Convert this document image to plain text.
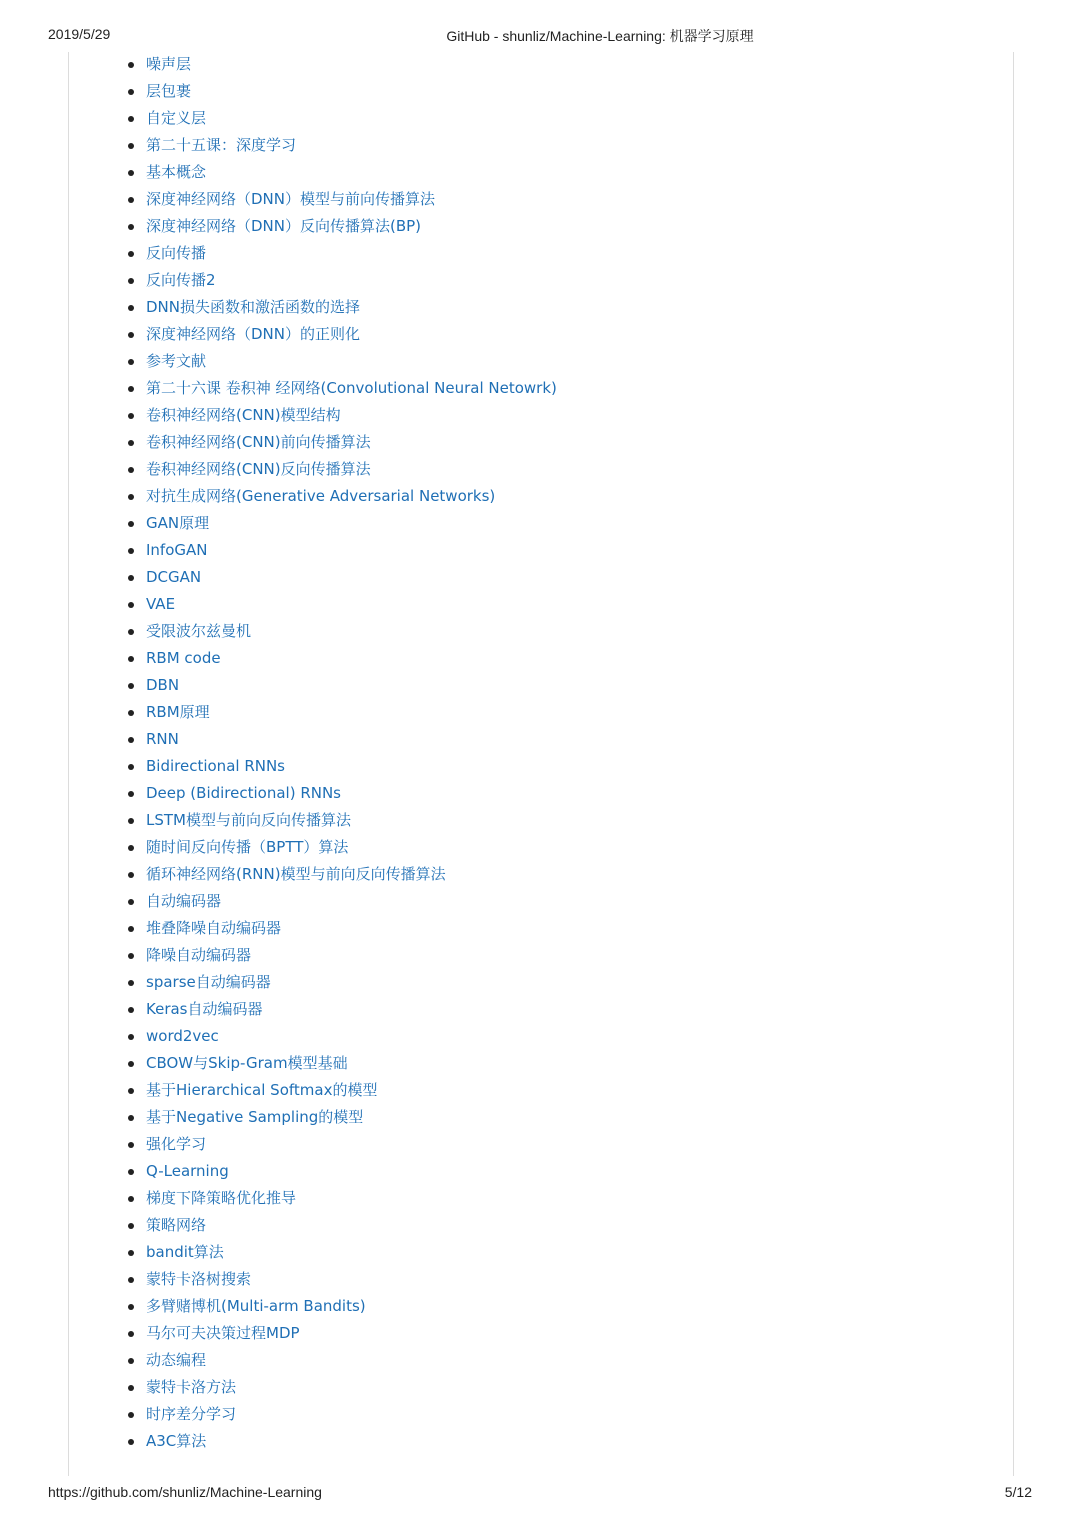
2019/5/29	GitHub - shunliz/Machine-Learning: 机器学习原理
噪声层
层包裹
自定义层
第二十五课：深度学习
基本概念
深度神经网络（DNN）模型与前向传播算法
深度神经网络（DNN）反向传播算法(BP)
反向传播
反向传播2
DNN损失函数和激活函数的选择
深度神经网络（DNN）的正则化
参考文献
第二十六课 卷积神 经网络(Convolutional Neural Netowrk)
卷积神经网络(CNN)模型结构
卷积神经网络(CNN)前向传播算法
卷积神经网络(CNN)反向传播算法
对抗生成网络(Generative Adversarial Networks)
GAN原理
InfoGAN
DCGAN
VAE
受限波尔兹曼机
RBM code
DBN
RBM原理
RNN
Bidirectional RNNs
Deep (Bidirectional) RNNs
LSTM模型与前向反向传播算法
随时间反向传播（BPTT）算法
循环神经网络(RNN)模型与前向反向传播算法
自动编码器
堆叠降噪自动编码器
降噪自动编码器
sparse自动编码器
Keras自动编码器
word2vec
CBOW与Skip-Gram模型基础
基于Hierarchical Softmax的模型
基于Negative Sampling的模型
强化学习
Q-Learning
梯度下降策略优化推导
策略网络
bandit算法
蒙特卡洛树搜索
多臂赌博机(Multi-arm Bandits)
马尔可夫决策过程MDP
动态编程
蒙特卡洛方法
时序差分学习
A3C算法
https://github.com/shunliz/Machine-Learning	5/12
